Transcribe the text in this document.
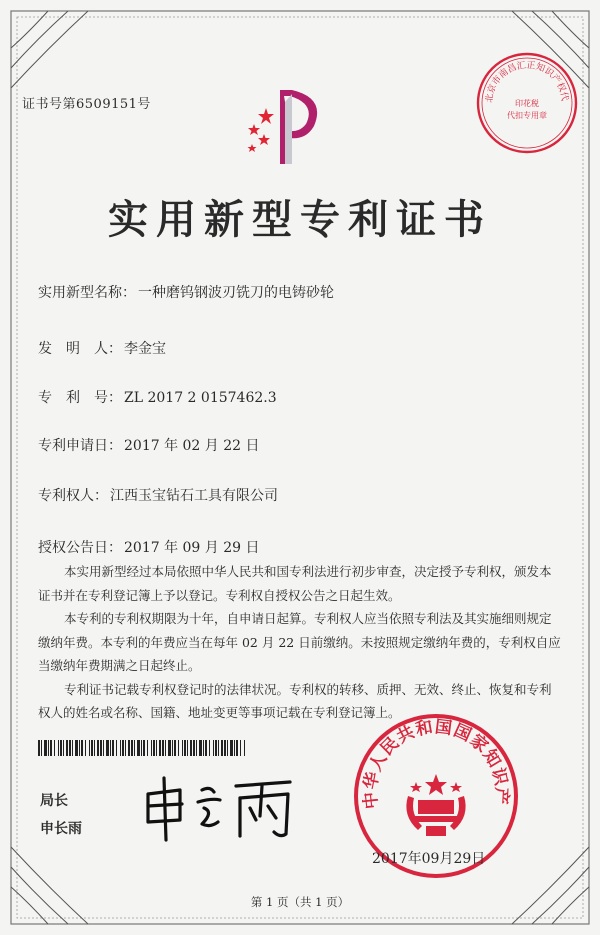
证书号第6509151号	北京市南昌汇正知识产权代
印花税
代扣专用章
实用新型专利证书
实用新型名称： 一种磨钨钢波刃铣刀的电铸砂轮
发　明　人： 李金宝
专　利　号： ZL 2017 2 0157462.3
专利申请日： 2017 年 02 月 22 日
专利权人： 江西玉宝钻石工具有限公司
授权公告日： 2017 年 09 月 29 日

本实用新型经过本局依照中华人民共和国专利法进行初步审查，决定授予专利权，颁发本证书并在专利登记簿上予以登记。专利权自授权公告之日起生效。

本专利的专利权期限为十年，自申请日起算。专利权人应当依照专利法及其实施细则规定缴纳年费。本专利的年费应当在每年 02 月 22 日前缴纳。未按照规定缴纳年费的，专利权自应当缴纳年费期满之日起终止。

专利证书记载专利权登记时的法律状况。专利权的转移、质押、无效、终止、恢复和专利权人的姓名或名称、国籍、地址变更等事项记载在专利登记簿上。

局长
申长雨
中华人民共和国国家知识产
2017年09月29日
第 1 页（共 1 页）
